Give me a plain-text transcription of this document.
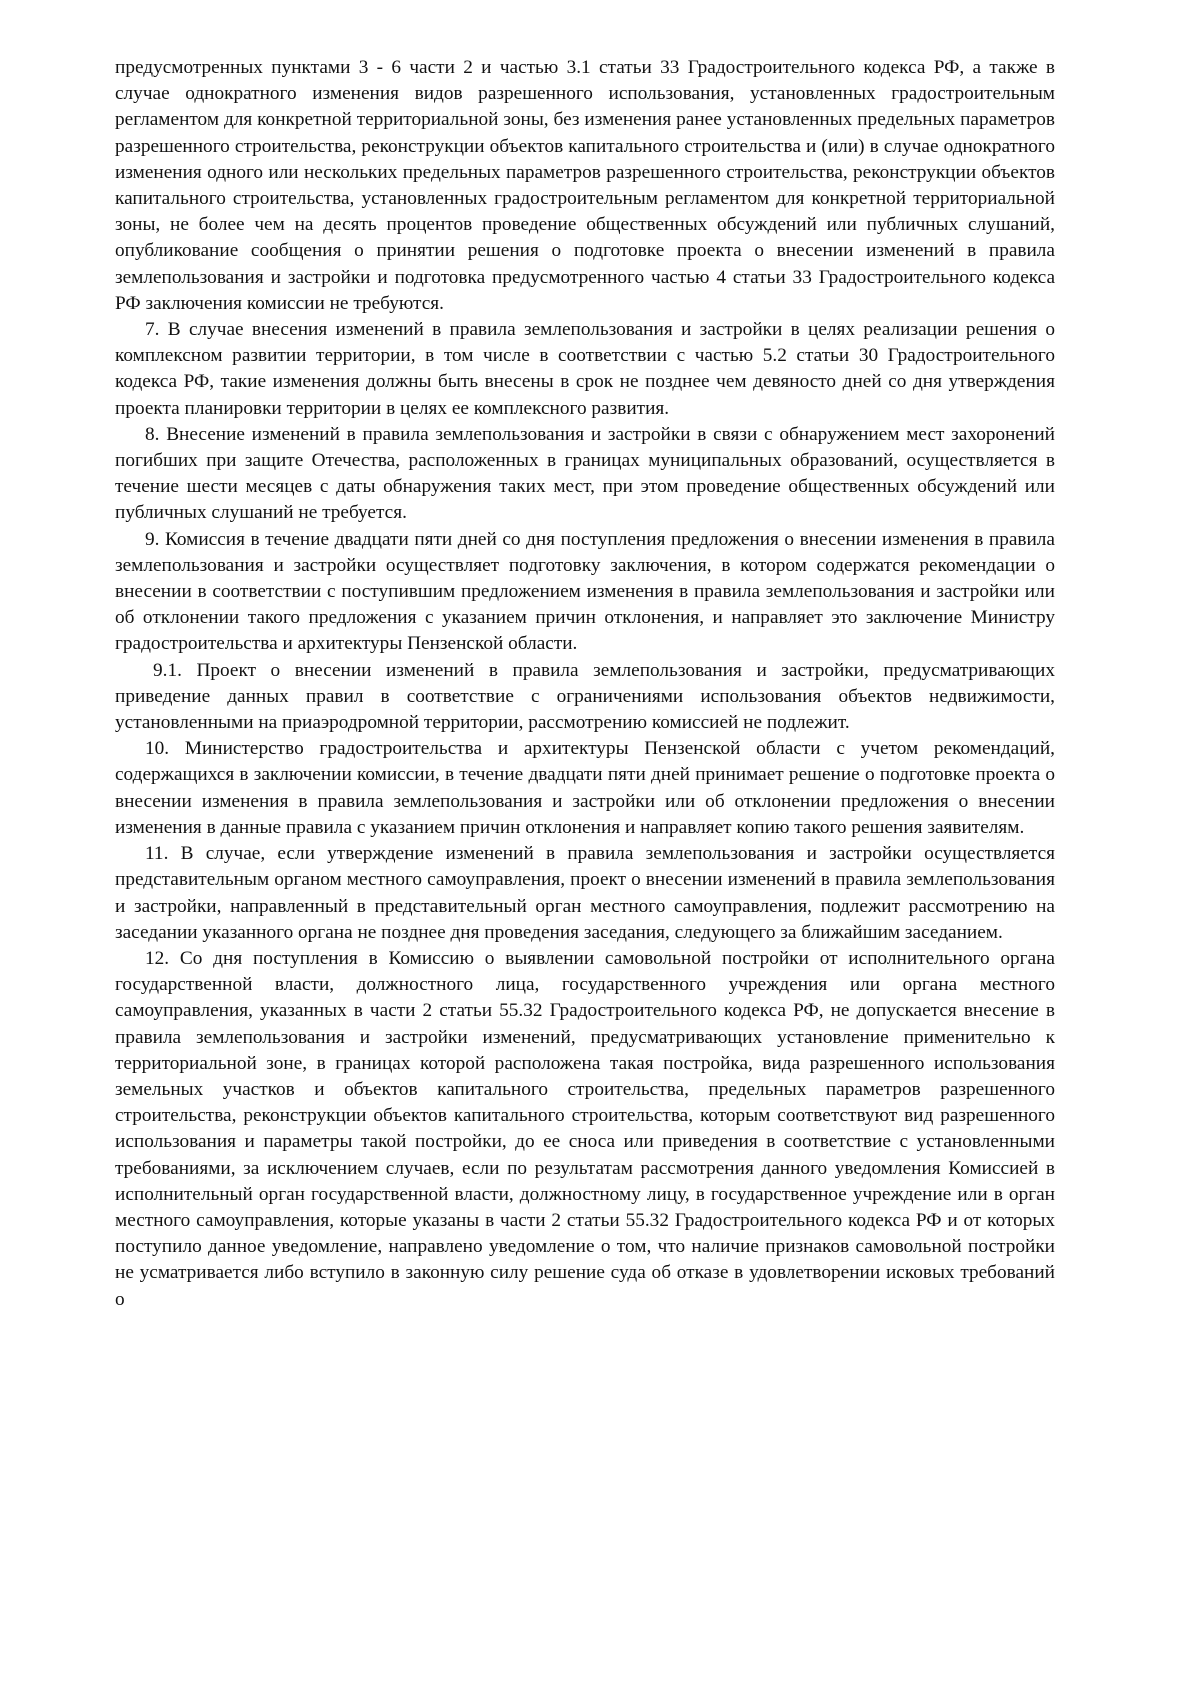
предусмотренных пунктами 3 - 6 части 2 и частью 3.1 статьи 33 Градостроительного кодекса РФ, а также в случае однократного изменения видов разрешенного использования, установленных градостроительным регламентом для конкретной территориальной зоны, без изменения ранее установленных предельных параметров разрешенного строительства, реконструкции объектов капитального строительства и (или) в случае однократного изменения одного или нескольких предельных параметров разрешенного строительства, реконструкции объектов капитального строительства, установленных градостроительным регламентом для конкретной территориальной зоны, не более чем на десять процентов проведение общественных обсуждений или публичных слушаний, опубликование сообщения о принятии решения о подготовке проекта о внесении изменений в правила землепользования и застройки и подготовка предусмотренного частью 4 статьи 33 Градостроительного кодекса РФ заключения комиссии не требуются.

7. В случае внесения изменений в правила землепользования и застройки в целях реализации решения о комплексном развитии территории, в том числе в соответствии с частью 5.2 статьи 30 Градостроительного кодекса РФ, такие изменения должны быть внесены в срок не позднее чем девяносто дней со дня утверждения проекта планировки территории в целях ее комплексного развития.

8. Внесение изменений в правила землепользования и застройки в связи с обнаружением мест захоронений погибших при защите Отечества, расположенных в границах муниципальных образований, осуществляется в течение шести месяцев с даты обнаружения таких мест, при этом проведение общественных обсуждений или публичных слушаний не требуется.

9. Комиссия в течение двадцати пяти дней со дня поступления предложения о внесении изменения в правила землепользования и застройки осуществляет подготовку заключения, в котором содержатся рекомендации о внесении в соответствии с поступившим предложением изменения в правила землепользования и застройки или об отклонении такого предложения с указанием причин отклонения, и направляет это заключение Министру градостроительства и архитектуры Пензенской области.

9.1. Проект о внесении изменений в правила землепользования и застройки, предусматривающих приведение данных правил в соответствие с ограничениями использования объектов недвижимости, установленными на приаэродромной территории, рассмотрению комиссией не подлежит.

10. Министерство градостроительства и архитектуры Пензенской области с учетом рекомендаций, содержащихся в заключении комиссии, в течение двадцати пяти дней принимает решение о подготовке проекта о внесении изменения в правила землепользования и застройки или об отклонении предложения о внесении изменения в данные правила с указанием причин отклонения и направляет копию такого решения заявителям.

11. В случае, если утверждение изменений в правила землепользования и застройки осуществляется представительным органом местного самоуправления, проект о внесении изменений в правила землепользования и застройки, направленный в представительный орган местного самоуправления, подлежит рассмотрению на заседании указанного органа не позднее дня проведения заседания, следующего за ближайшим заседанием.

12. Со дня поступления в Комиссию о выявлении самовольной постройки от исполнительного органа государственной власти, должностного лица, государственного учреждения или органа местного самоуправления, указанных в части 2 статьи 55.32 Градостроительного кодекса РФ, не допускается внесение в правила землепользования и застройки изменений, предусматривающих установление применительно к территориальной зоне, в границах которой расположена такая постройка, вида разрешенного использования земельных участков и объектов капитального строительства, предельных параметров разрешенного строительства, реконструкции объектов капитального строительства, которым соответствуют вид разрешенного использования и параметры такой постройки, до ее сноса или приведения в соответствие с установленными требованиями, за исключением случаев, если по результатам рассмотрения данного уведомления Комиссией в исполнительный орган государственной власти, должностному лицу, в государственное учреждение или в орган местного самоуправления, которые указаны в части 2 статьи 55.32 Градостроительного кодекса РФ и от которых поступило данное уведомление, направлено уведомление о том, что наличие признаков самовольной постройки не усматривается либо вступило в законную силу решение суда об отказе в удовлетворении исковых требований о
